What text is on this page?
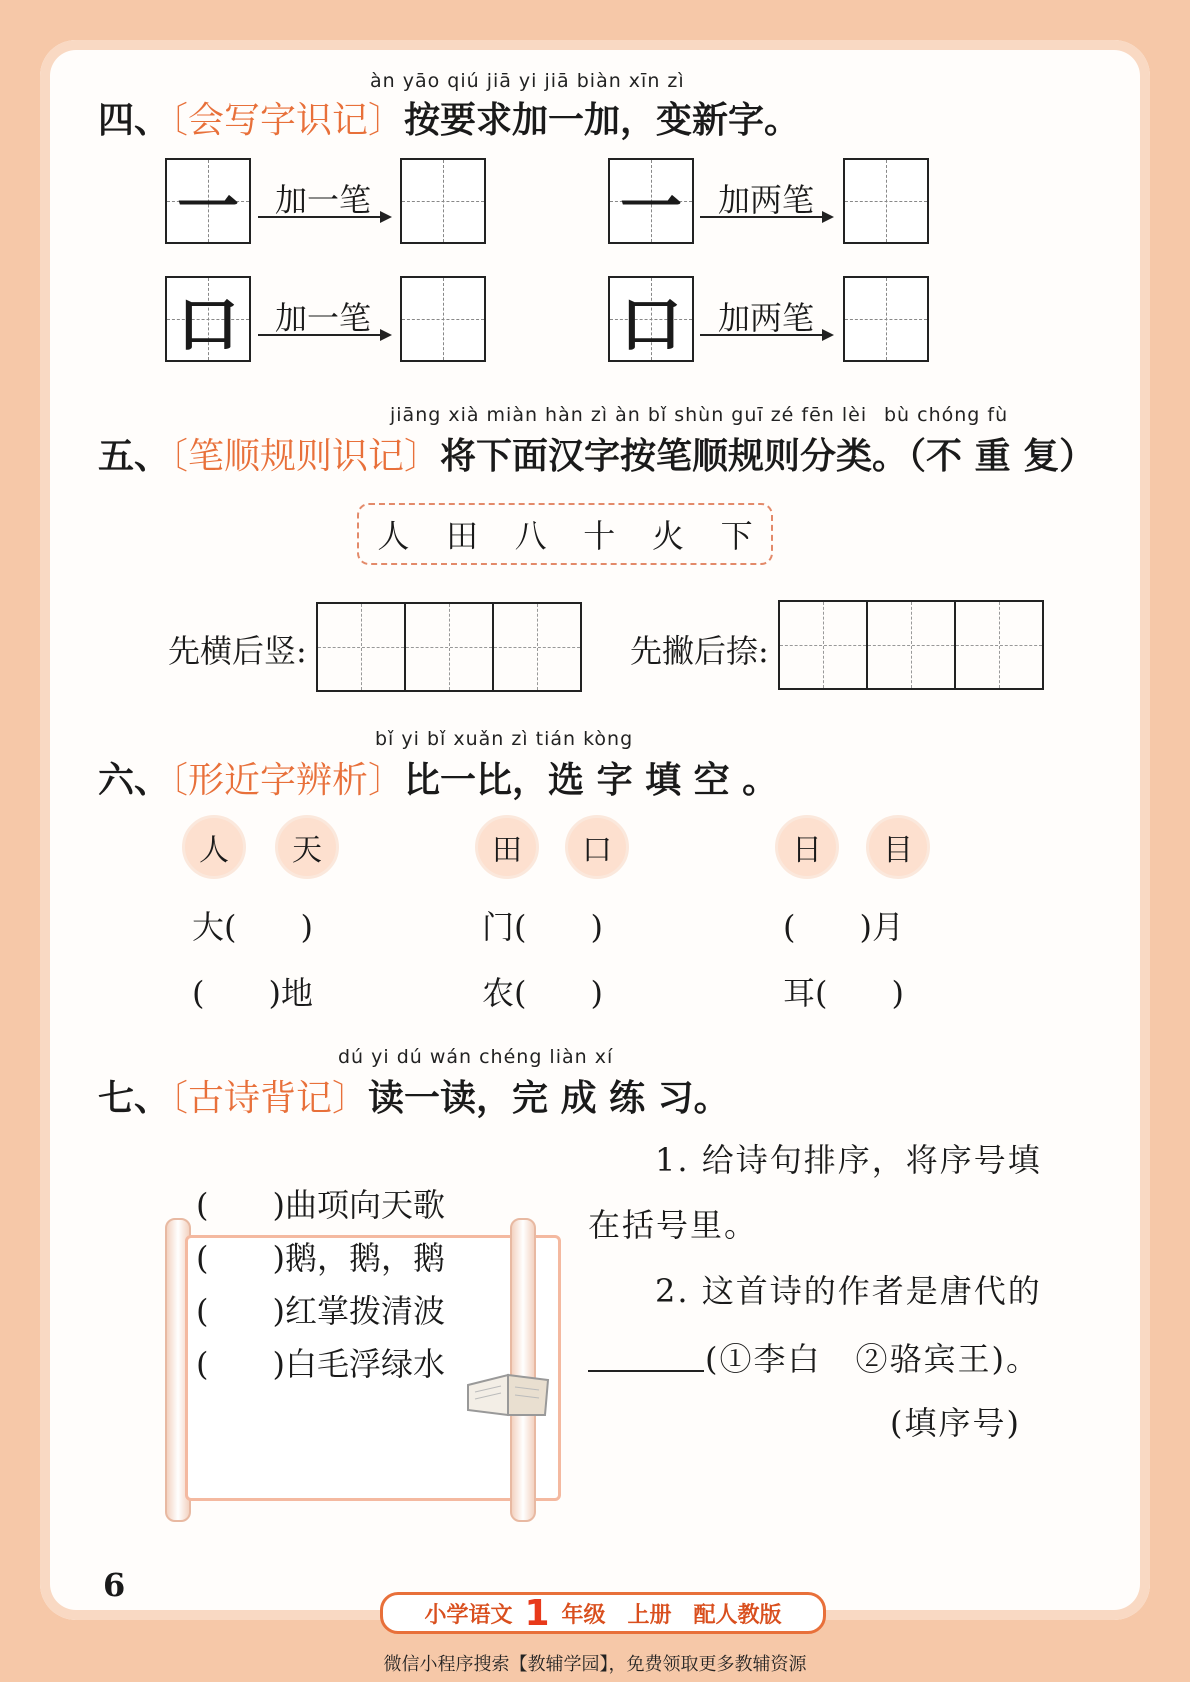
àn yāo qiú jiā yi jiā biàn xīn zì
四、〔会写字识记〕按要求加一加，变新字。
一	加一笔	一	加两笔
口	加一笔	口	加两笔
jiāng xià miàn hàn zì àn bǐ shùn guī zé fēn lèi bù chóng fù
五、〔笔顺规则识记〕将下面汉字按笔顺规则分类。（不 重 复）
人 田 八 十 火 下
先横后竖:	先撇后捺:
bǐ yi bǐ xuǎn zì tián kòng
六、〔形近字辨析〕比一比，选 字 填 空 。
人	天	田	口	日	目
大(　　)
(　　)地
门(　　)
农(　　)
(　　)月
耳(　　)
dú yi dú wán chéng liàn xí
七、〔古诗背记〕读一读，完 成 练 习。
(　　)曲项向天歌
(　　)鹅，鹅，鹅
(　　)红掌拨清波
(　　)白毛浮绿水
1. 给诗句排序，将序号填
在括号里。
2. 这首诗的作者是唐代的
(①李白　②骆宾王)。
(填序号)
6
小学语文 1 年级　上册　配人教版
微信小程序搜索【教辅学园】，免费领取更多教辅资源
